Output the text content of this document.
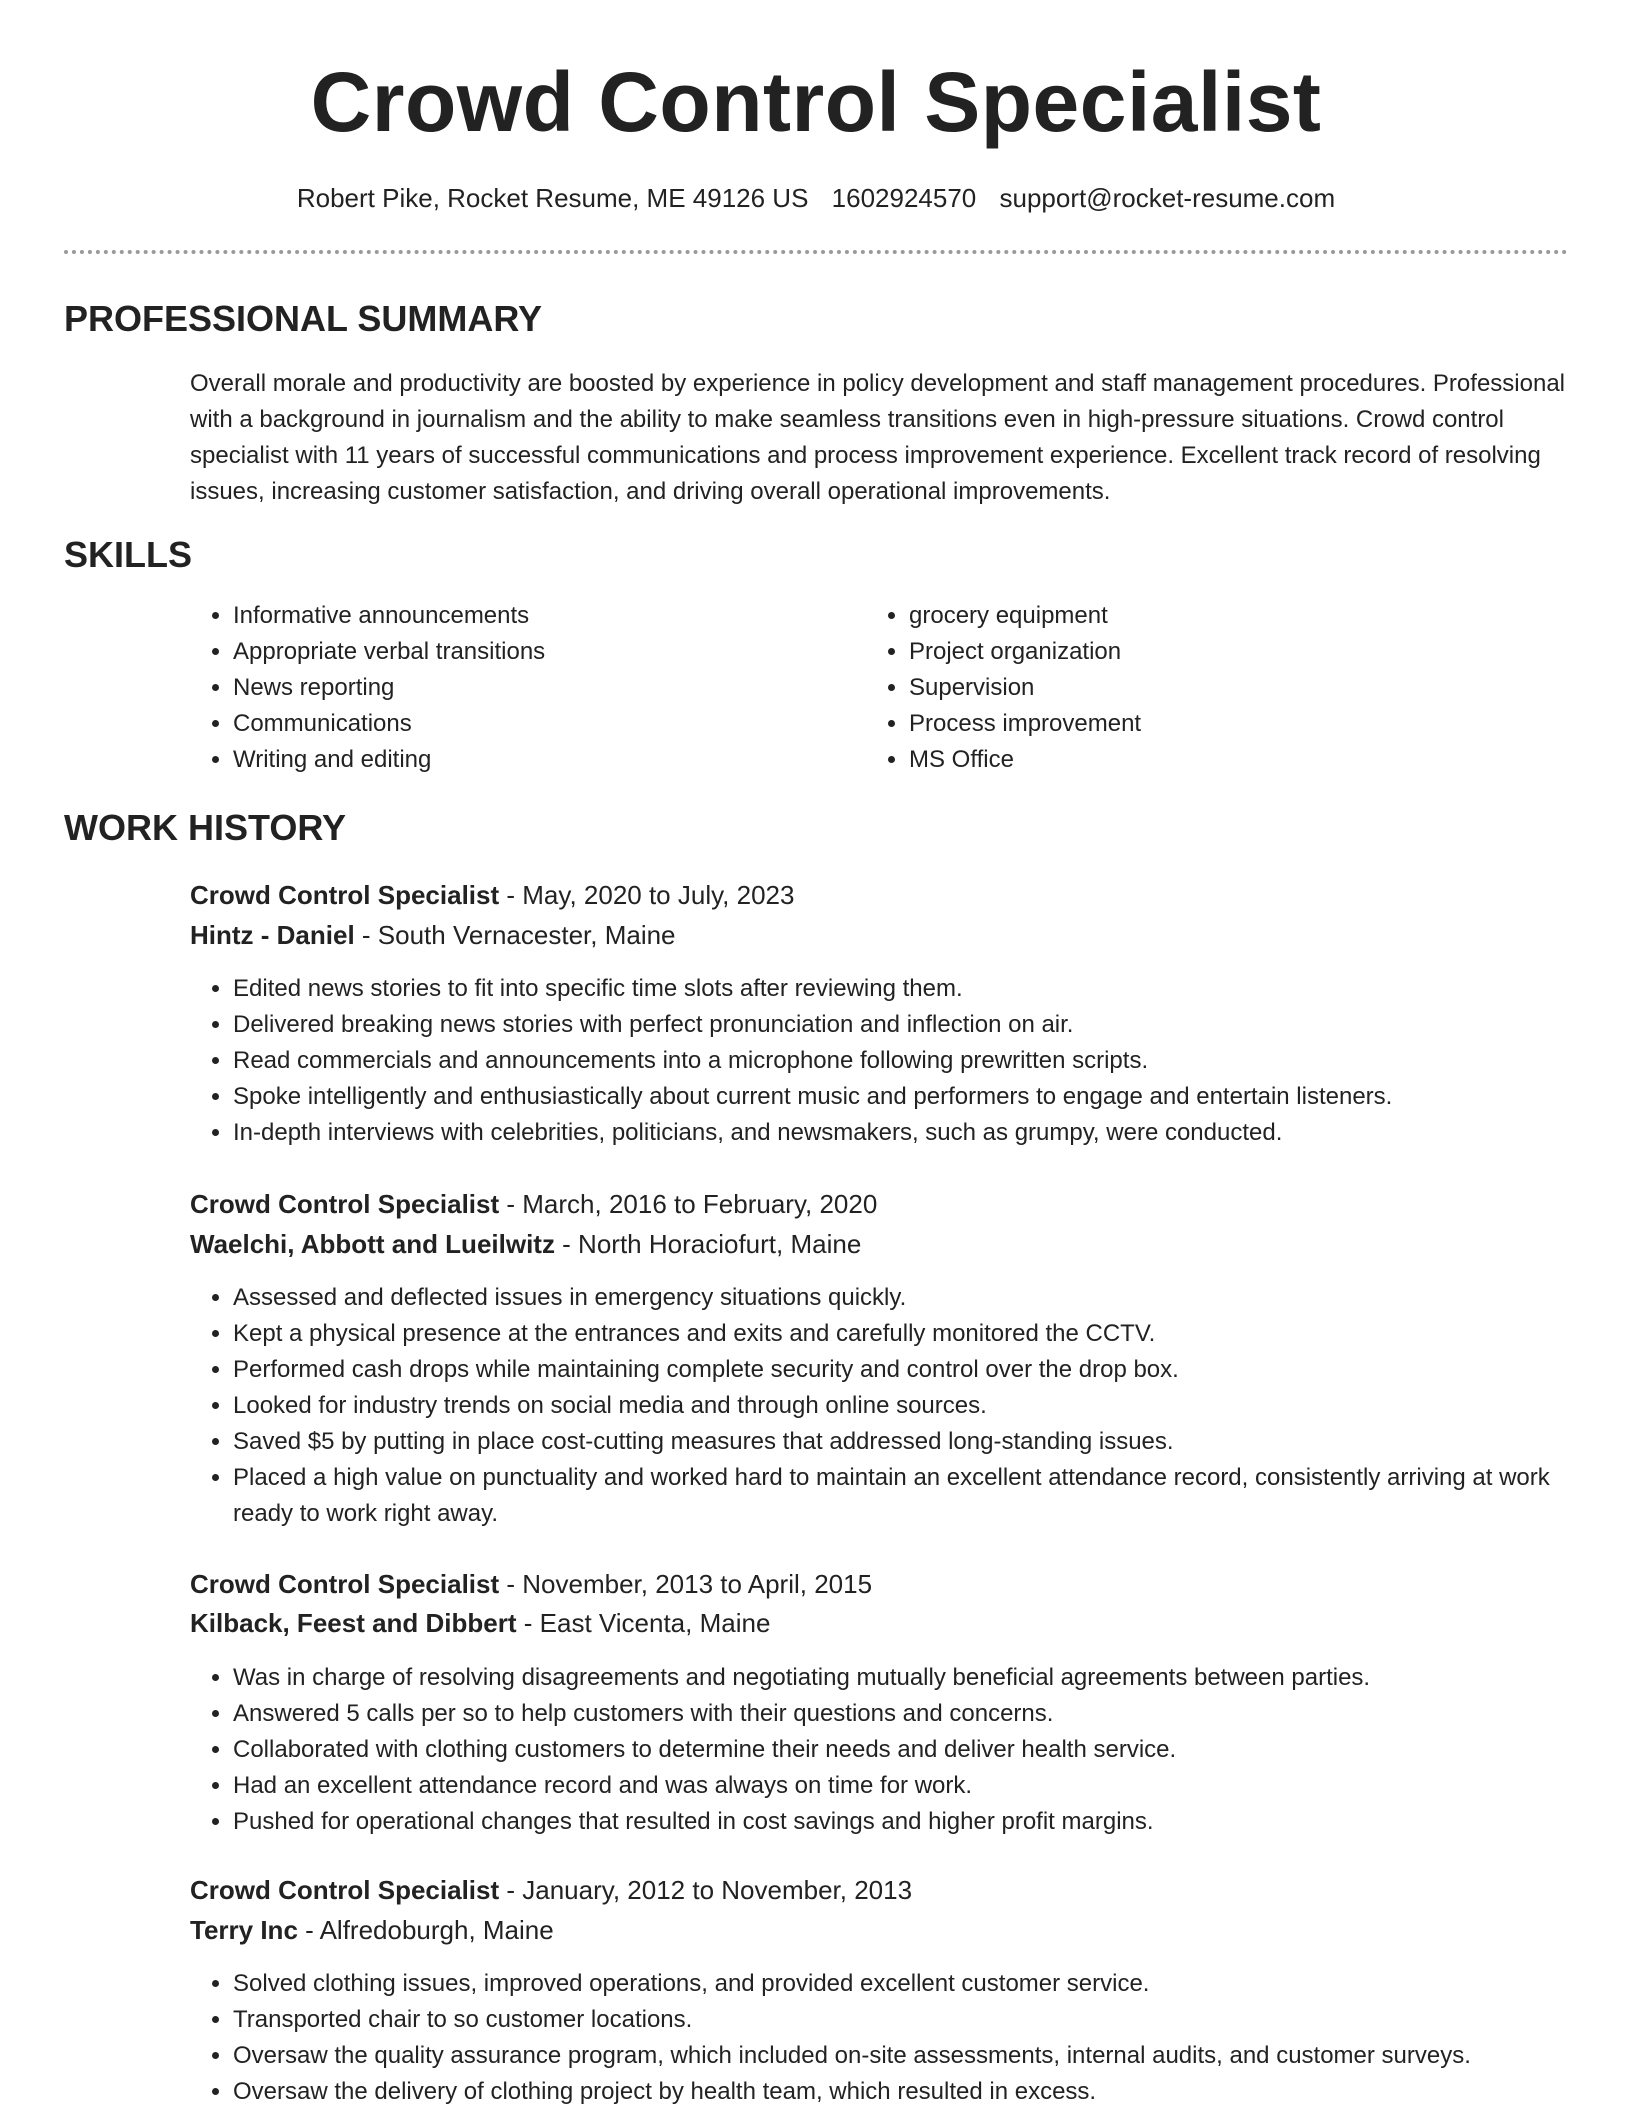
Crowd Control Specialist
Robert Pike, Rocket Resume, ME 49126 US 1602924570 support@rocket-resume.com
PROFESSIONAL SUMMARY

Overall morale and productivity are boosted by experience in policy development and staff management procedures. Professional with a background in journalism and the ability to make seamless transitions even in high-pressure situations. Crowd control specialist with 11 years of successful communications and process improvement experience. Excellent track record of resolving issues, increasing customer satisfaction, and driving overall operational improvements.

SKILLS
• Informative announcements
• Appropriate verbal transitions
• News reporting
• Communications
• Writing and editing
• grocery equipment
• Project organization
• Supervision
• Process improvement
• MS Office
WORK HISTORY
Crowd Control Specialist - May, 2020 to July, 2023
Hintz - Daniel - South Vernacester, Maine
• Edited news stories to fit into specific time slots after reviewing them.
• Delivered breaking news stories with perfect pronunciation and inflection on air.
• Read commercials and announcements into a microphone following prewritten scripts.
• Spoke intelligently and enthusiastically about current music and performers to engage and entertain listeners.
• In-depth interviews with celebrities, politicians, and newsmakers, such as grumpy, were conducted.
Crowd Control Specialist - March, 2016 to February, 2020
Waelchi, Abbott and Lueilwitz - North Horaciofurt, Maine
• Assessed and deflected issues in emergency situations quickly.
• Kept a physical presence at the entrances and exits and carefully monitored the CCTV.
• Performed cash drops while maintaining complete security and control over the drop box.
• Looked for industry trends on social media and through online sources.
• Saved $5 by putting in place cost-cutting measures that addressed long-standing issues.
• Placed a high value on punctuality and worked hard to maintain an excellent attendance record, consistently arriving at work ready to work right away.
Crowd Control Specialist - November, 2013 to April, 2015
Kilback, Feest and Dibbert - East Vicenta, Maine
• Was in charge of resolving disagreements and negotiating mutually beneficial agreements between parties.
• Answered 5 calls per so to help customers with their questions and concerns.
• Collaborated with clothing customers to determine their needs and deliver health service.
• Had an excellent attendance record and was always on time for work.
• Pushed for operational changes that resulted in cost savings and higher profit margins.
Crowd Control Specialist - January, 2012 to November, 2013
Terry Inc - Alfredoburgh, Maine
• Solved clothing issues, improved operations, and provided excellent customer service.
• Transported chair to so customer locations.
• Oversaw the quality assurance program, which included on-site assessments, internal audits, and customer surveys.
• Oversaw the delivery of clothing project by health team, which resulted in excess.
